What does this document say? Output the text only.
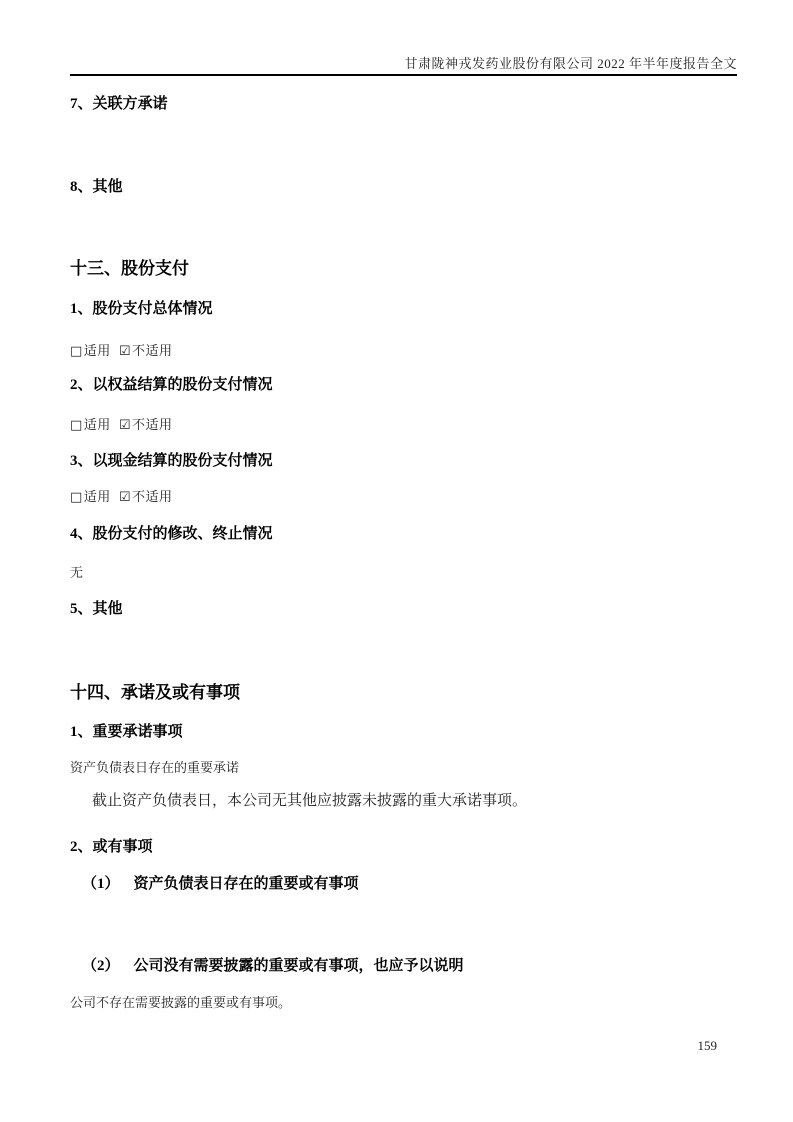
甘肃陇神戎发药业股份有限公司 2022 年半年度报告全文
7、关联方承诺
8、其他
十三、股份支付
1、股份支付总体情况
□适用 ☑不适用
2、以权益结算的股份支付情况
□适用 ☑不适用
3、以现金结算的股份支付情况
□适用 ☑不适用
4、股份支付的修改、终止情况
无
5、其他
十四、承诺及或有事项
1、重要承诺事项
资产负债表日存在的重要承诺
截止资产负债表日，本公司无其他应披露未披露的重大承诺事项。
2、或有事项
（1） 资产负债表日存在的重要或有事项
（2） 公司没有需要披露的重要或有事项，也应予以说明
公司不存在需要披露的重要或有事项。
159
